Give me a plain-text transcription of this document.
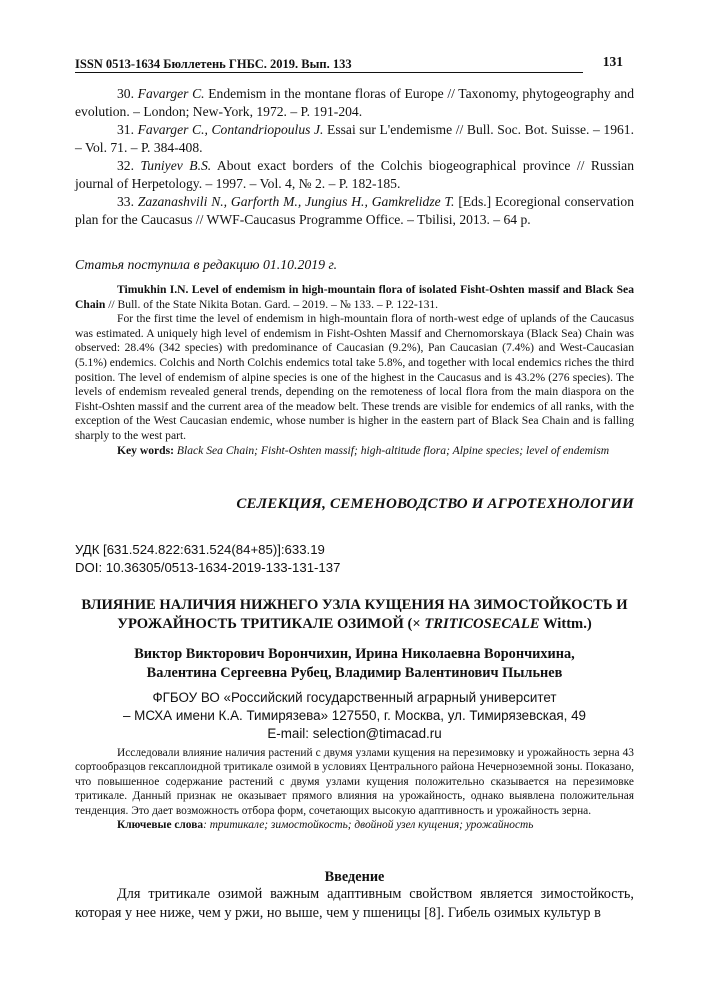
ISSN 0513-1634 Бюллетень ГНБС. 2019. Вып. 133	131

30. Favarger C. Endemism in the montane floras of Europe // Taxonomy, phytogeography and evolution. – London; New-York, 1972. – P. 191-204.

31. Favarger C., Contandriopoulus J. Essai sur L'endemisme // Bull. Soc. Bot. Suisse. – 1961. – Vol. 71. – P. 384-408.

32. Tuniyev B.S. About exact borders of the Colchis biogeographical province // Russian journal of Herpetology. – 1997. – Vol. 4, № 2. – P. 182-185.

33. Zazanashvili N., Garforth M., Jungius H., Gamkrelidze T. [Eds.] Ecoregional conservation plan for the Caucasus // WWF-Caucasus Programme Office. – Tbilisi, 2013. – 64 p.

Статья поступила в редакцию 01.10.2019 г.

Timukhin I.N. Level of endemism in high-mountain flora of isolated Fisht-Oshten massif and Black Sea Chain // Bull. of the State Nikita Botan. Gard. – 2019. – № 133. – P. 122-131.

For the first time the level of endemism in high-mountain flora of north-west edge of uplands of the Caucasus was estimated. A uniquely high level of endemism in Fisht-Oshten Massif and Chernomorskaya (Black Sea) Chain was observed: 28.4% (342 species) with predominance of Caucasian (9.2%), Pan Caucasian (7.4%) and West-Caucasian (5.1%) endemics. Colchis and North Colchis endemics total take 5.8%, and together with local endemics riches the third position. The level of endemism of alpine species is one of the highest in the Caucasus and is 43.2% (276 species). The levels of endemism revealed general trends, depending on the remoteness of local flora from the main diaspora on the Fisht-Oshten massif and the current area of the meadow belt. These trends are visible for endemics of all ranks, with the exception of the West Caucasian endemic, whose number is higher in the eastern part of Black Sea Chain and is falling sharply to the west part.

Key words: Black Sea Chain; Fisht-Oshten massif; high-altitude flora; Alpine species; level of endemism

СЕЛЕКЦИЯ, СЕМЕНОВОДСТВО И АГРОТЕХНОЛОГИИ
УДК [631.524.822:631.524(84+85)]:633.19
DOI: 10.36305/0513-1634-2019-133-131-137
ВЛИЯНИЕ НАЛИЧИЯ НИЖНЕГО УЗЛА КУЩЕНИЯ НА ЗИМОСТОЙКОСТЬ И УРОЖАЙНОСТЬ ТРИТИКАЛЕ ОЗИМОЙ (× TRITICOSECALE Wittm.)
Виктор Викторович Ворончихин, Ирина Николаевна Ворончихина,
Валентина Сергеевна Рубец, Владимир Валентинович Пыльнев
ФГБОУ ВО «Российский государственный аграрный университет
– МСХА имени К.А. Тимирязева» 127550, г. Москва, ул. Тимирязевская, 49
E-mail: selection@timacad.ru

Исследовали влияние наличия растений с двумя узлами кущения на перезимовку и урожайность зерна 43 сортообразцов гексаплоидной тритикале озимой в условиях Центрального района Нечерноземной зоны. Показано, что повышенное содержание растений с двумя узлами кущения положительно сказывается на перезимовке тритикале. Данный признак не оказывает прямого влияния на урожайность, однако выявлена положительная тенденция. Это дает возможность отбора форм, сочетающих высокую адаптивность и урожайность зерна.

Ключевые слова: тритикале; зимостойкость; двойной узел кущения; урожайность

Введение

Для тритикале озимой важным адаптивным свойством является зимостойкость, которая у нее ниже, чем у ржи, но выше, чем у пшеницы [8]. Гибель озимых культур в
